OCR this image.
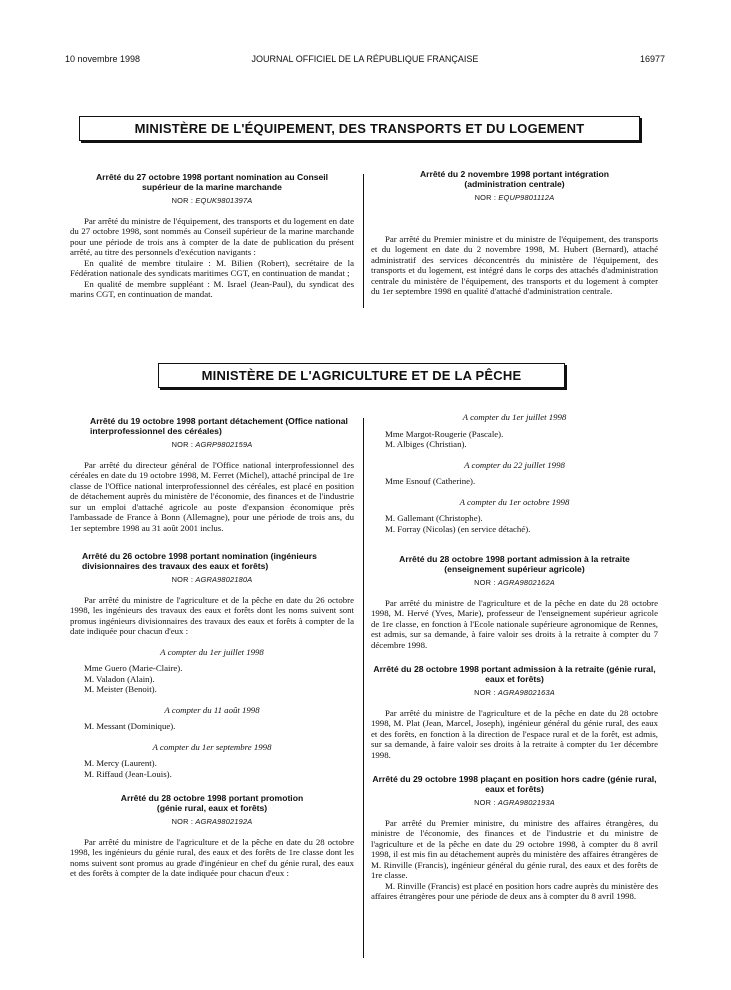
10 novembre 1998	JOURNAL OFFICIEL DE LA RÉPUBLIQUE FRANÇAISE	16977
MINISTÈRE DE L'ÉQUIPEMENT, DES TRANSPORTS ET DU LOGEMENT

Arrêté du 27 octobre 1998 portant nomination au Conseil supérieur de la marine marchande

NOR : EQUK9801397A

Par arrêté du ministre de l'équipement, des transports et du logement en date du 27 octobre 1998, sont nommés au Conseil supérieur de la marine marchande pour une période de trois ans à compter de la date de publication du présent arrêté, au titre des personnels d'exécution navigants :

En qualité de membre titulaire : M. Bilien (Robert), secrétaire de la Fédération nationale des syndicats maritimes CGT, en continuation de mandat ;

En qualité de membre suppléant : M. Israel (Jean-Paul), du syndicat des marins CGT, en continuation de mandat.

Arrêté du 2 novembre 1998 portant intégration (administration centrale)

NOR : EQUP9801112A

Par arrêté du Premier ministre et du ministre de l'équipement, des transports et du logement en date du 2 novembre 1998, M. Hubert (Bernard), attaché administratif des services déconcentrés du ministère de l'équipement, des transports et du logement, est intégré dans le corps des attachés d'administration centrale du ministère de l'équipement, des transports et du logement à compter du 1er septembre 1998 en qualité d'attaché d'administration centrale.

MINISTÈRE DE L'AGRICULTURE ET DE LA PÊCHE

Arrêté du 19 octobre 1998 portant détachement (Office national interprofessionnel des céréales)

NOR : AGRP9802159A

Par arrêté du directeur général de l'Office national interprofessionnel des céréales en date du 19 octobre 1998, M. Ferret (Michel), attaché principal de 1re classe de l'Office national interprofessionnel des céréales, est placé en position de détachement auprès du ministère de l'économie, des finances et de l'industrie sur un emploi d'attaché agricole au poste d'expansion économique près l'ambassade de France à Bonn (Allemagne), pour une période de trois ans, du 1er septembre 1998 au 31 août 2001 inclus.

Arrêté du 26 octobre 1998 portant nomination (ingénieurs divisionnaires des travaux des eaux et forêts)

NOR : AGRA9802180A

Par arrêté du ministre de l'agriculture et de la pêche en date du 26 octobre 1998, les ingénieurs des travaux des eaux et forêts dont les noms suivent sont promus ingénieurs divisionnaires des travaux des eaux et forêts à compter de la date indiquée pour chacun d'eux :

A compter du 1er juillet 1998
Mme Guero (Marie-Claire).
M. Valadon (Alain).
M. Meister (Benoit).
A compter du 11 août 1998
M. Messant (Dominique).
A compter du 1er septembre 1998
M. Mercy (Laurent).
M. Riffaud (Jean-Louis).

Arrêté du 28 octobre 1998 portant promotion (génie rural, eaux et forêts)

NOR : AGRA9802192A

Par arrêté du ministre de l'agriculture et de la pêche en date du 28 octobre 1998, les ingénieurs du génie rural, des eaux et des forêts de 1re classe dont les noms suivent sont promus au grade d'ingénieur en chef du génie rural, des eaux et des forêts à compter de la date indiquée pour chacun d'eux :

A compter du 1er juillet 1998
Mme Margot-Rougerie (Pascale).
M. Albiges (Christian).
A compter du 22 juillet 1998
Mme Esnouf (Catherine).
A compter du 1er octobre 1998
M. Gallemant (Christophe).
M. Forray (Nicolas) (en service détaché).

Arrêté du 28 octobre 1998 portant admission à la retraite (enseignement supérieur agricole)

NOR : AGRA9802162A

Par arrêté du ministre de l'agriculture et de la pêche en date du 28 octobre 1998, M. Hervé (Yves, Marie), professeur de l'enseignement supérieur agricole de 1re classe, en fonction à l'Ecole nationale supérieure agronomique de Rennes, est admis, sur sa demande, à faire valoir ses droits à la retraite à compter du 7 décembre 1998.

Arrêté du 28 octobre 1998 portant admission à la retraite (génie rural, eaux et forêts)

NOR : AGRA9802163A

Par arrêté du ministre de l'agriculture et de la pêche en date du 28 octobre 1998, M. Plat (Jean, Marcel, Joseph), ingénieur général du génie rural, des eaux et des forêts, en fonction à la direction de l'espace rural et de la forêt, est admis, sur sa demande, à faire valoir ses droits à la retraite à compter du 1er décembre 1998.

Arrêté du 29 octobre 1998 plaçant en position hors cadre (génie rural, eaux et forêts)

NOR : AGRA9802193A

Par arrêté du Premier ministre, du ministre des affaires étrangères, du ministre de l'économie, des finances et de l'industrie et du ministre de l'agriculture et de la pêche en date du 29 octobre 1998, à compter du 8 avril 1998, il est mis fin au détachement auprès du ministère des affaires étrangères de M. Rinville (Francis), ingénieur général du génie rural, des eaux et des forêts de 1re classe.

M. Rinville (Francis) est placé en position hors cadre auprès du ministère des affaires étrangères pour une période de deux ans à compter du 8 avril 1998.
